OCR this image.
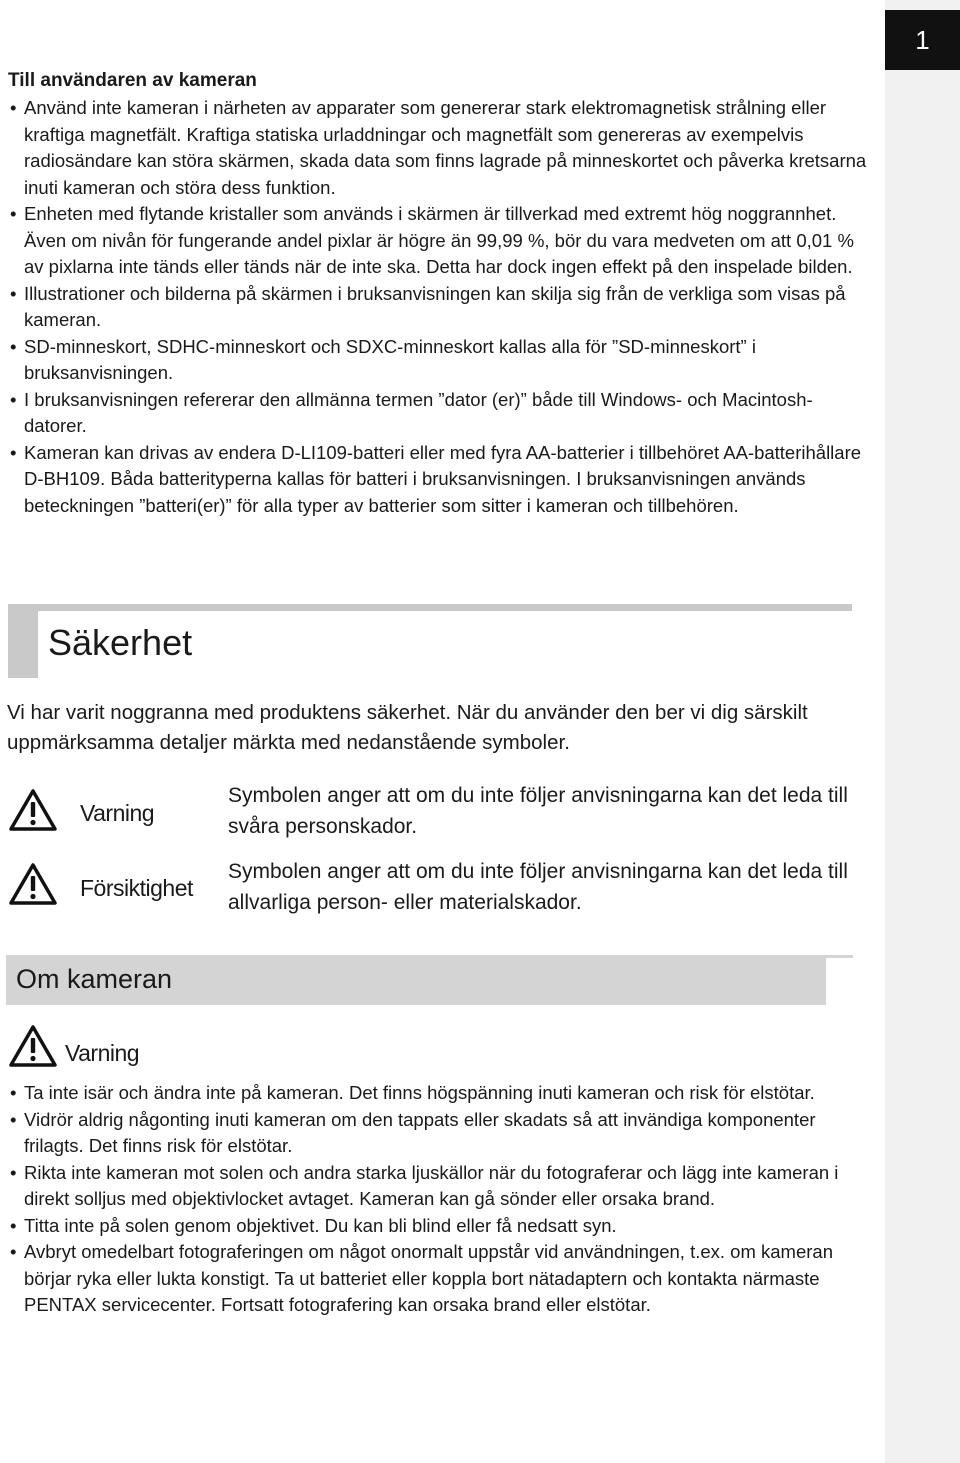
1
Till användaren av kameran
• Använd inte kameran i närheten av apparater som genererar stark elektromagnetisk strålning eller kraftiga magnetfält. Kraftiga statiska urladdningar och magnetfält som genereras av exempelvis radiosändare kan störa skärmen, skada data som finns lagrade på minneskortet och påverka kretsarna inuti kameran och störa dess funktion.
• Enheten med flytande kristaller som används i skärmen är tillverkad med extremt hög noggrannhet. Även om nivån för fungerande andel pixlar är högre än 99,99 %, bör du vara medveten om att 0,01 % av pixlarna inte tänds eller tänds när de inte ska. Detta har dock ingen effekt på den inspelade bilden.
• Illustrationer och bilderna på skärmen i bruksanvisningen kan skilja sig från de verkliga som visas på kameran.
• SD-minneskort, SDHC-minneskort och SDXC-minneskort kallas alla för ”SD-minneskort” i bruksanvisningen.
• I bruksanvisningen refererar den allmänna termen ”dator (er)” både till Windows- och Macintosh-datorer.
• Kameran kan drivas av endera D-LI109-batteri eller med fyra AA-batterier i tillbehöret AA-batterihållare D-BH109. Båda batterityperna kallas för batteri i bruksanvisningen. I bruksanvisningen används beteckningen ”batteri(er)” för alla typer av batterier som sitter i kameran och tillbehören.
Säkerhet

Vi har varit noggranna med produktens säkerhet. När du använder den ber vi dig särskilt uppmärksamma detaljer märkta med nedanstående symboler.

Varning
Symbolen anger att om du inte följer anvisningarna kan det leda till svåra personskador.
Försiktighet
Symbolen anger att om du inte följer anvisningarna kan det leda till allvarliga person- eller materialskador.
Om kameran
Varning
• Ta inte isär och ändra inte på kameran. Det finns högspänning inuti kameran och risk för elstötar.
• Vidrör aldrig någonting inuti kameran om den tappats eller skadats så att invändiga komponenter frilagts. Det finns risk för elstötar.
• Rikta inte kameran mot solen och andra starka ljuskällor när du fotograferar och lägg inte kameran i direkt solljus med objektivlocket avtaget. Kameran kan gå sönder eller orsaka brand.
• Titta inte på solen genom objektivet. Du kan bli blind eller få nedsatt syn.
• Avbryt omedelbart fotograferingen om något onormalt uppstår vid användningen, t.ex. om kameran börjar ryka eller lukta konstigt. Ta ut batteriet eller koppla bort nätadaptern och kontakta närmaste PENTAX servicecenter. Fortsatt fotografering kan orsaka brand eller elstötar.
